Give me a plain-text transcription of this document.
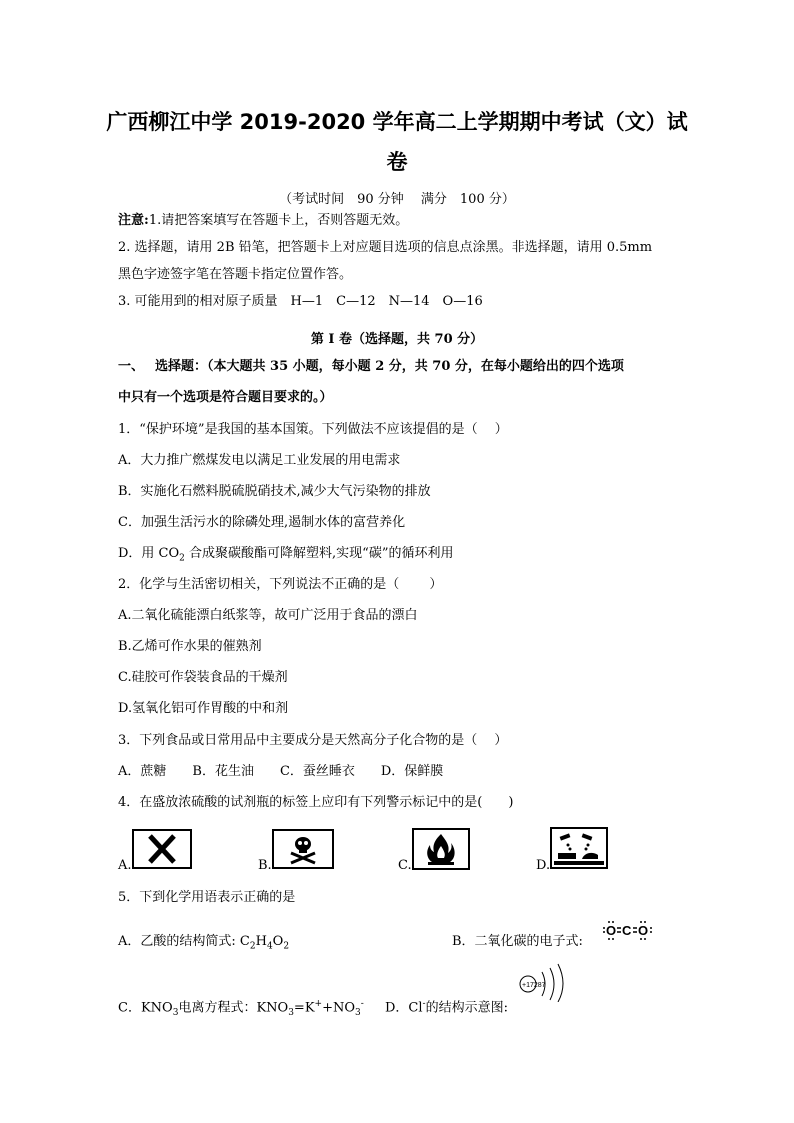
广西柳江中学 2019-2020 学年高二上学期期中考试（文）试
卷
（考试时间　90 分钟　 满分　100 分）
注意:1.请把答案填写在答题卡上，否则答题无效。
2. 选择题，请用 2B 铅笔，把答题卡上对应题目选项的信息点涂黑。非选择题，请用 0.5mm
黑色字迹签字笔在答题卡指定位置作答。
3. 可能用到的相对原子质量　H—1　C—12　N—14　O—16
第 I 卷（选择题，共 70 分）
一、　 选择题：（本大题共 35 小题，每小题 2 分，共 70 分，在每小题给出的四个选项
中只有一个选项是符合题目要求的。）
1．“保护环境”是我国的基本国策。下列做法不应该提倡的是（　 ）
A．大力推广燃煤发电以满足工业发展的用电需求
B．实施化石燃料脱硫脱硝技术,减少大气污染物的排放
C．加强生活污水的除磷处理,遏制水体的富营养化
D．用 $CO_2$ 合成聚碳酸酯可降解塑料,实现“碳”的循环利用
2．化学与生活密切相关，下列说法不正确的是（　 　）
A.二氧化硫能漂白纸浆等，故可广泛用于食品的漂白
B.乙烯可作水果的催熟剂
C.硅胶可作袋装食品的干燥剂
D.氢氧化铝可作胃酸的中和剂
3．下列食品或日常用品中主要成分是天然高分子化合物的是（　 ）
A．蔗糖　　B．花生油　　C．蚕丝睡衣　　D．保鲜膜
4．在盛放浓硫酸的试剂瓶的标签上应印有下列警示标记中的是(　　)
A.	B.	C.	D.
5．下到化学用语表示正确的是
A．乙酸的结构简式: $C_2H_4O_2$	B．二氧化碳的电子式:
O C O
C．$KNO_3$电离方程式：$KNO_3=K^++NO_3^-$ D．Cl-的结构示意图:
+17287
